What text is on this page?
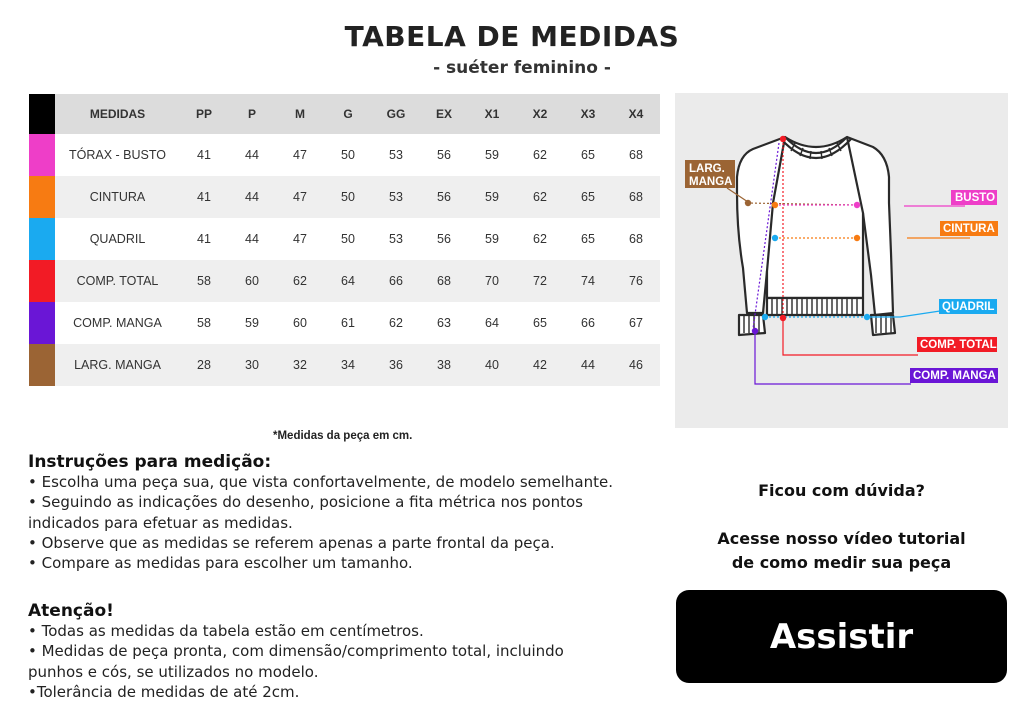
TABELA DE MEDIDAS
- suéter feminino -
	MEDIDAS	PP	P	M	G	GG	EX	X1	X2	X3	X4
	TÓRAX - BUSTO	41	44	47	50	53	56	59	62	65	68
	CINTURA	41	44	47	50	53	56	59	62	65	68
	QUADRIL	41	44	47	50	53	56	59	62	65	68
	COMP. TOTAL	58	60	62	64	66	68	70	72	74	76
	COMP. MANGA	58	59	60	61	62	63	64	65	66	67
	LARG. MANGA	28	30	32	34	36	38	40	42	44	46
*Medidas da peça em cm.
Instruções para medição:

• Escolha uma peça sua, que vista confortavelmente, de modelo semelhante.

• Seguindo as indicações do desenho, posicione a fita métrica nos pontos

indicados para efetuar as medidas.

• Observe que as medidas se referem apenas a parte frontal da peça.

• Compare as medidas para escolher um tamanho.

Atenção!

• Todas as medidas da tabela estão em centímetros.

• Medidas de peça pronta, com dimensão/comprimento total, incluindo

punhos e cós, se utilizados no modelo.

•Tolerância de medidas de até 2cm.

LARG.
MANGA
BUSTO
CINTURA
QUADRIL
COMP. TOTAL
COMP. MANGA
Ficou com dúvida?
Acesse nosso vídeo tutorial
de como medir sua peça
Assistir
